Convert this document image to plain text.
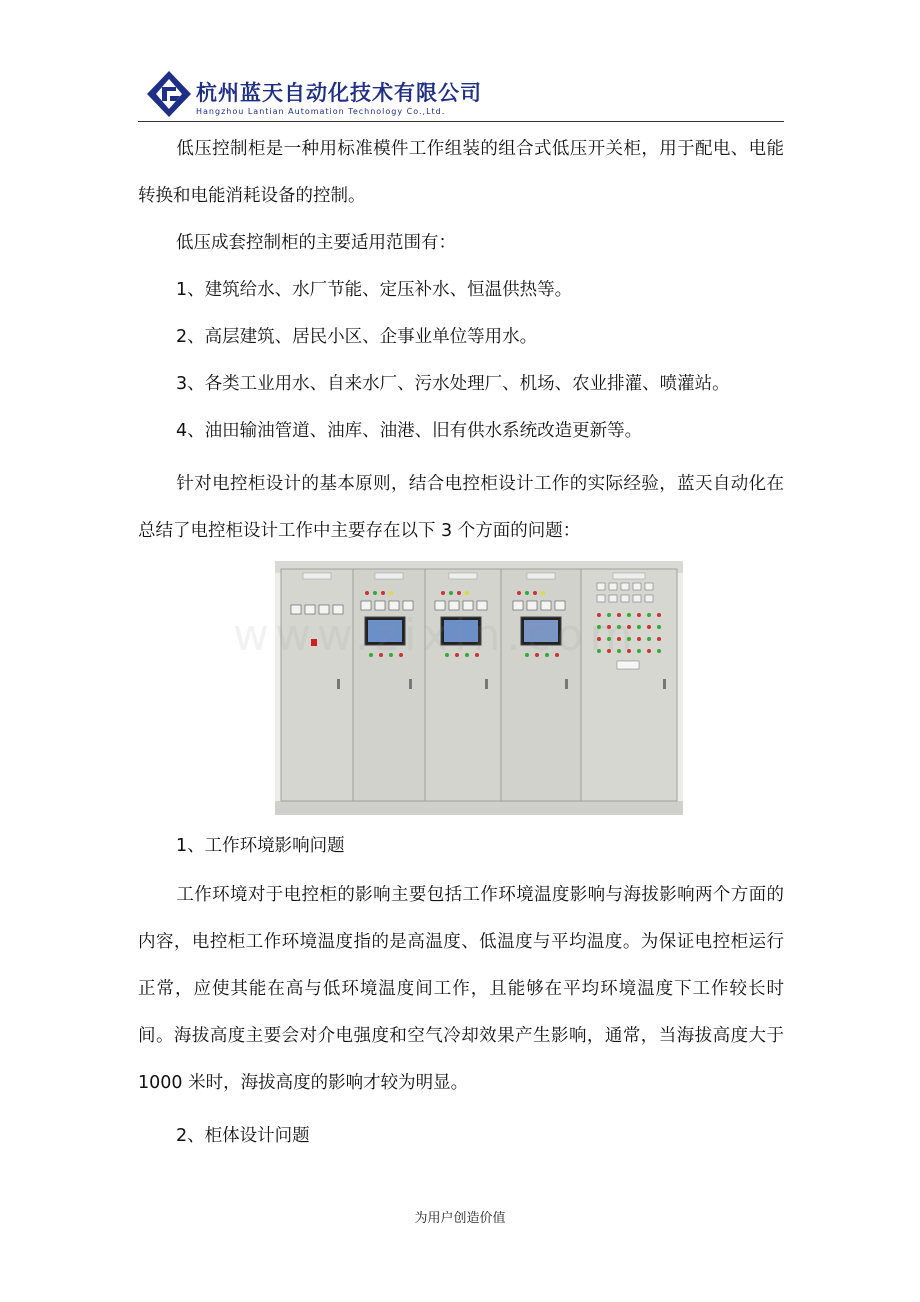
杭州蓝天自动化技术有限公司
Hangzhou Lantian Automation Technology Co.,Ltd.

低压控制柜是一种用标准模件工作组装的组合式低压开关柜，用于配电、电能转换和电能消耗设备的控制。

低压成套控制柜的主要适用范围有：

1、建筑给水、水厂节能、定压补水、恒温供热等。

2、高层建筑、居民小区、企事业单位等用水。

3、各类工业用水、自来水厂、污水处理厂、机场、农业排灌、喷灌站。

4、油田输油管道、油库、油港、旧有供水系统改造更新等。

针对电控柜设计的基本原则，结合电控柜设计工作的实际经验，蓝天自动化在总结了电控柜设计工作中主要存在以下 3 个方面的问题：

1、工作环境影响问题

工作环境对于电控柜的影响主要包括工作环境温度影响与海拔影响两个方面的内容，电控柜工作环境温度指的是高温度、低温度与平均温度。为保证电控柜运行正常，应使其能在高与低环境温度间工作，且能够在平均环境温度下工作较长时间。海拔高度主要会对介电强度和空气冷却效果产生影响，通常，当海拔高度大于 1000 米时，海拔高度的影响才较为明显。

2、柜体设计问题

为用户创造价值
